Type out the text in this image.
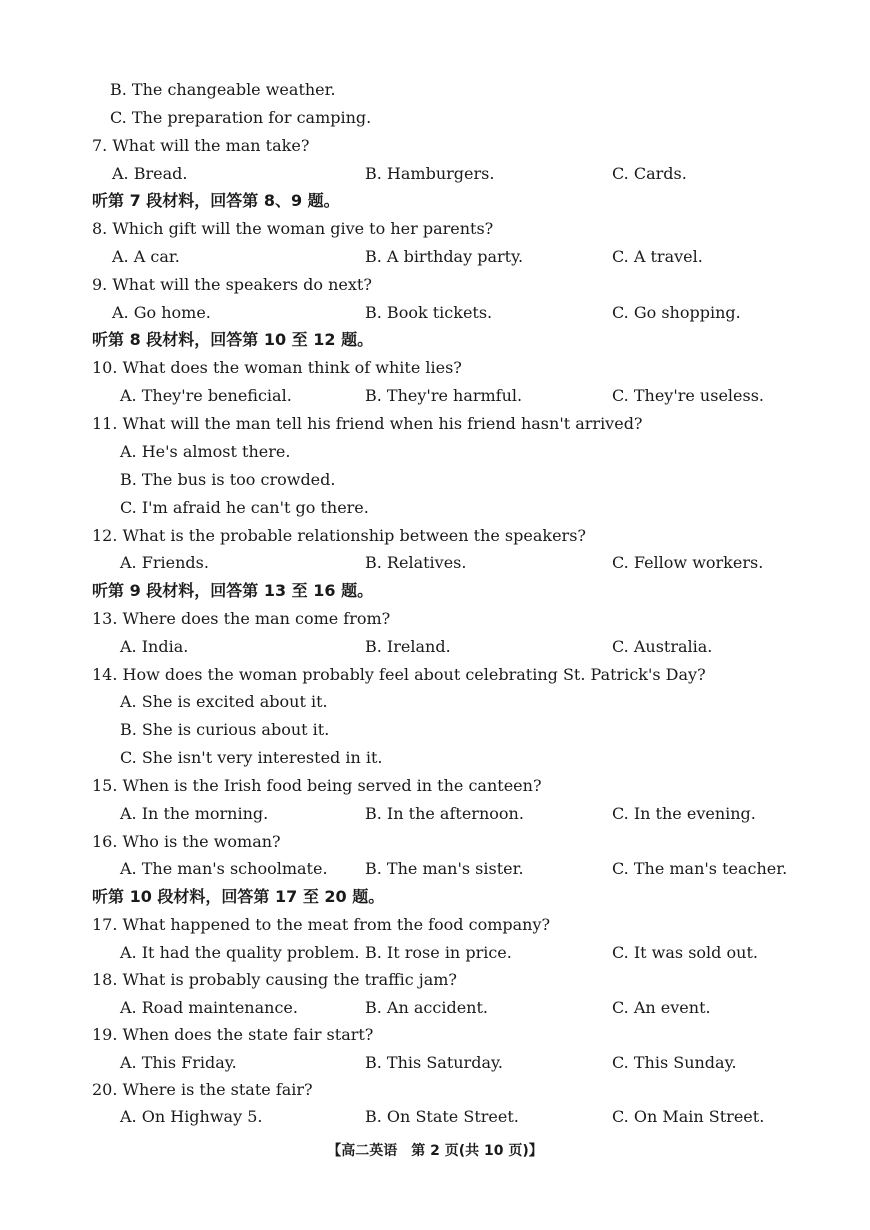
B. The changeable weather.
C. The preparation for camping.
7. What will the man take?
A. Bread.	B. Hamburgers.	C. Cards.
听第 7 段材料，回答第 8、9 题。
8. Which gift will the woman give to her parents?
A. A car.	B. A birthday party.	C. A travel.
9. What will the speakers do next?
A. Go home.	B. Book tickets.	C. Go shopping.
听第 8 段材料，回答第 10 至 12 题。
10. What does the woman think of white lies?
A. They're beneficial.	B. They're harmful.	C. They're useless.
11. What will the man tell his friend when his friend hasn't arrived?
A. He's almost there.
B. The bus is too crowded.
C. I'm afraid he can't go there.
12. What is the probable relationship between the speakers?
A. Friends.	B. Relatives.	C. Fellow workers.
听第 9 段材料，回答第 13 至 16 题。
13. Where does the man come from?
A. India.	B. Ireland.	C. Australia.
14. How does the woman probably feel about celebrating St. Patrick's Day?
A. She is excited about it.
B. She is curious about it.
C. She isn't very interested in it.
15. When is the Irish food being served in the canteen?
A. In the morning.	B. In the afternoon.	C. In the evening.
16. Who is the woman?
A. The man's schoolmate. B. The man's sister.	C. The man's teacher.
听第 10 段材料，回答第 17 至 20 题。
17. What happened to the meat from the food company?
A. It had the quality problem. B. It rose in price.	C. It was sold out.
18. What is probably causing the traffic jam?
A. Road maintenance.	B. An accident.	C. An event.
19. When does the state fair start?
A. This Friday.	B. This Saturday.	C. This Sunday.
20. Where is the state fair?
A. On Highway 5.	B. On State Street.	C. On Main Street.
【高二英语　第 2 页(共 10 页)】
